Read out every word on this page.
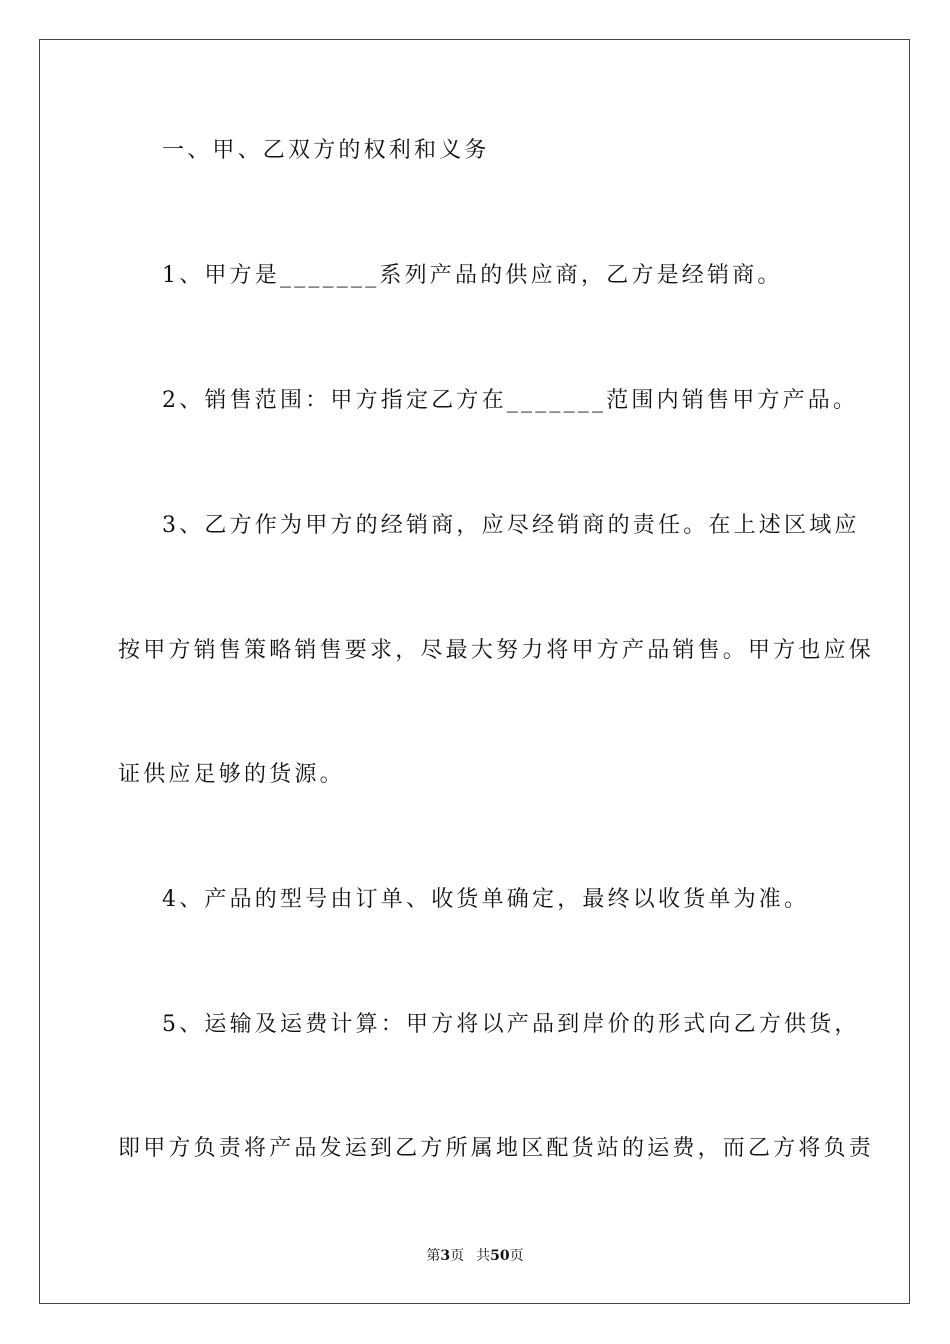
一、甲、乙双方的权利和义务
1、甲方是_______系列产品的供应商，乙方是经销商。
2、销售范围：甲方指定乙方在_______范围内销售甲方产品。
3、乙方作为甲方的经销商，应尽经销商的责任。在上述区域应
按甲方销售策略销售要求，尽最大努力将甲方产品销售。甲方也应保
证供应足够的货源。
4、产品的型号由订单、收货单确定，最终以收货单为准。
5、运输及运费计算：甲方将以产品到岸价的形式向乙方供货，
即甲方负责将产品发运到乙方所属地区配货站的运费，而乙方将负责
第3页 共50页
